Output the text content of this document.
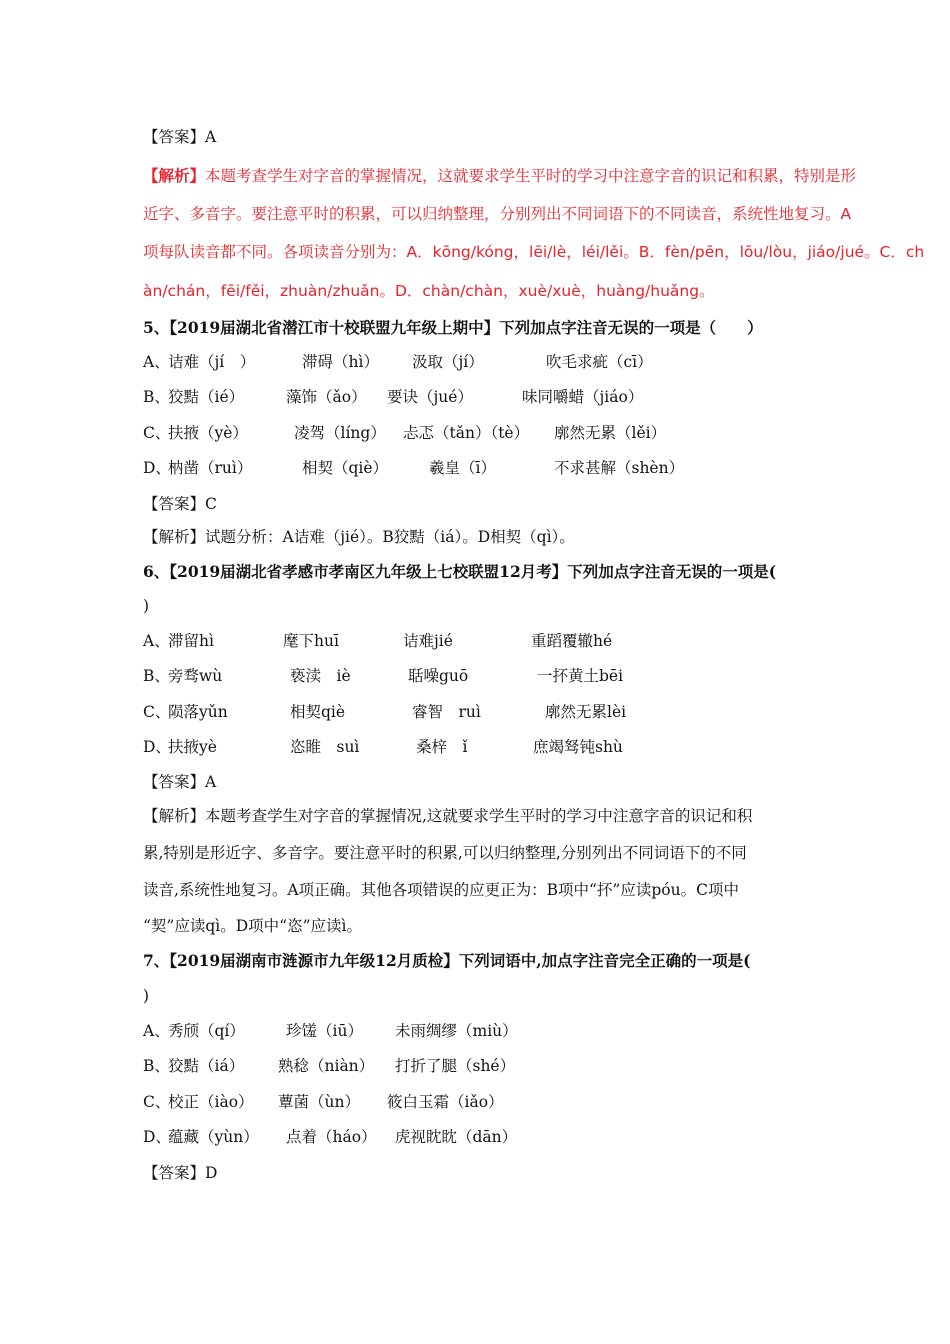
【答案】A
【解析】本题考查学生对字音的掌握情况，这就要求学生平时的学习中注意字音的识记和积累，特别是形
近字、多音字。要注意平时的积累，可以归纳整理，分别列出不同词语下的不同读音，系统性地复习。A
项每队读音都不同。各项读音分别为：A．kōng/kóng，lēi/lè，léi/lěi。B．fèn/pēn，lōu/lòu，jiáo/jué。C．ch
àn/chán，fēi/fěi，zhuàn/zhuǎn。D．chàn/chàn，xuè/xuè，huàng/huǎng。
5、【2019届湖北省潜江市十校联盟九年级上期中】下列加点字注音无误的一项是（　　）
A、
诘难（jí　）	滞碍（hì） 汲取（jí）	吹毛求疵（cī）
B、
狡黠（ié）	藻饰（ǎo） 要诀（jué）	味同嚼蜡（jiáo）
C、
扶掖（yè）	凌驾（líng） 忐忑（tǎn）（tè） 廓然无累（lěi）
D、
枘凿（ruì）	相契（qiè）	羲皇（ī）	不求甚解（shèn）
【答案】C
【解析】试题分析：A诘难（jié）。B狡黠（iá）。D相契（qì）。
6、【2019届湖北省孝感市孝南区九年级上七校联盟12月考】下列加点字注音无误的一项是(
)
A、
滞留hì	麾下huī	诘难jié	重蹈覆辙hé
B、
旁骛wù	亵渎　iè	聒噪guō	一抔黄土bēi
C、
陨落yǔn	相契qiè	睿智　ruì	廓然无累lèi
D、
扶掖yè	恣睢　suì	桑梓　ǐ	庶竭驽钝shù
【答案】A
【解析】本题考查学生对字音的掌握情况,这就要求学生平时的学习中注意字音的识记和积
累,特别是形近字、多音字。要注意平时的积累,可以归纳整理,分别列出不同词语下的不同
读音,系统性地复习。A项正确。其他各项错误的应更正为：B项中“抔”应读póu。C项中
“契”应读qì。D项中“恣”应读ì。
7、【2019届湖南市涟源市九年级12月质检】下列词语中,加点字注音完全正确的一项是(
)
A、
秀颀（qí）	珍馐（iū） 未雨绸缪（miù）
B、
狡黠（iá） 熟稔（niàn） 打折了腿（shé）
C、
校正（iào） 蕈菌（ùn） 筱白玉霜（iǎo）
D、
蕴藏（yùn） 点着（háo） 虎视眈眈（dān）
【答案】D
